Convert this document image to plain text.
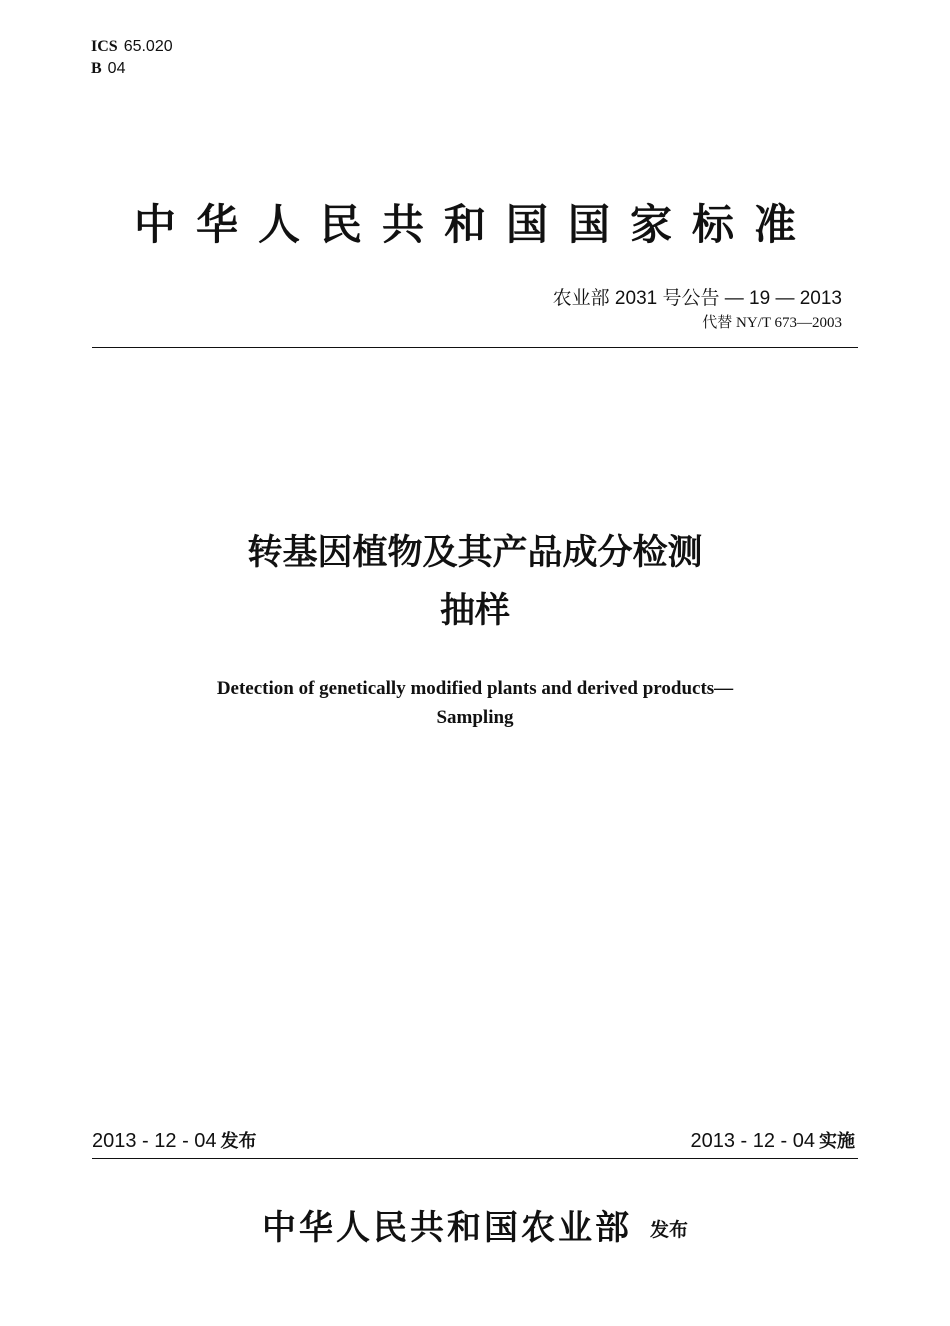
ICS 65.020
B 04
中华人民共和国国家标准
农业部 2031 号公告 — 19 — 2013
代替 NY/T 673—2003
转基因植物及其产品成分检测
抽样
Detection of genetically modified plants and derived products—
Sampling
2013 - 12 - 04 发布	2013 - 12 - 04 实施
中华人民共和国农业部 发布
